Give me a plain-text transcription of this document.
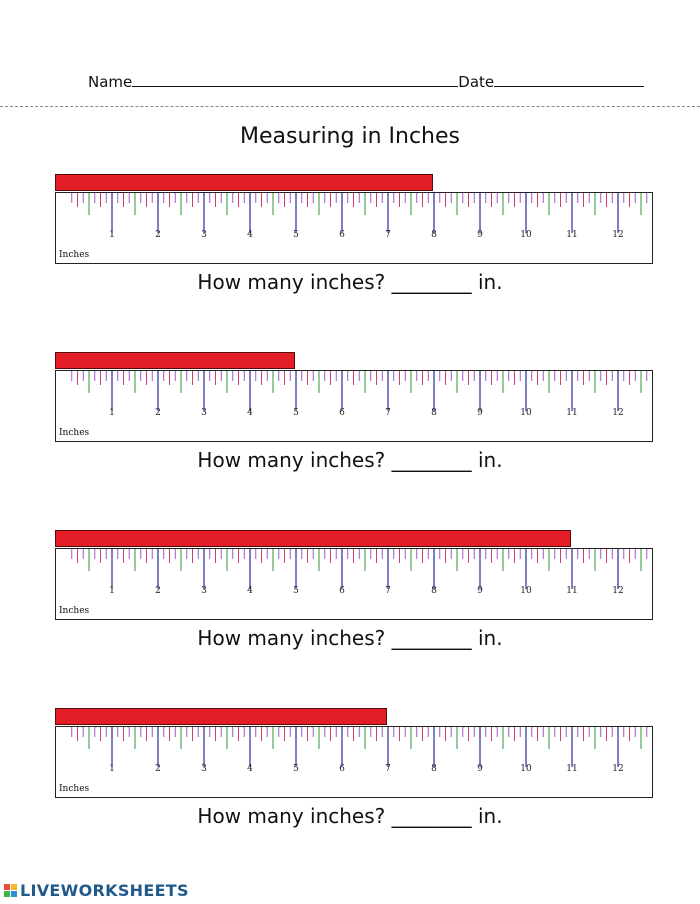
Name	Date
Measuring in Inches
1	2	3	4	5	6	7	8	9	10	11	12
Inches
How many inches? ________ in.
1	2	3	4	5	6	7	8	9	10	11	12
Inches
How many inches? ________ in.
1	2	3	4	5	6	7	8	9	10	11	12
Inches
How many inches? ________ in.
1	2	3	4	5	6	7	8	9	10	11	12
Inches
How many inches? ________ in.
LIVEWORKSHEETS
